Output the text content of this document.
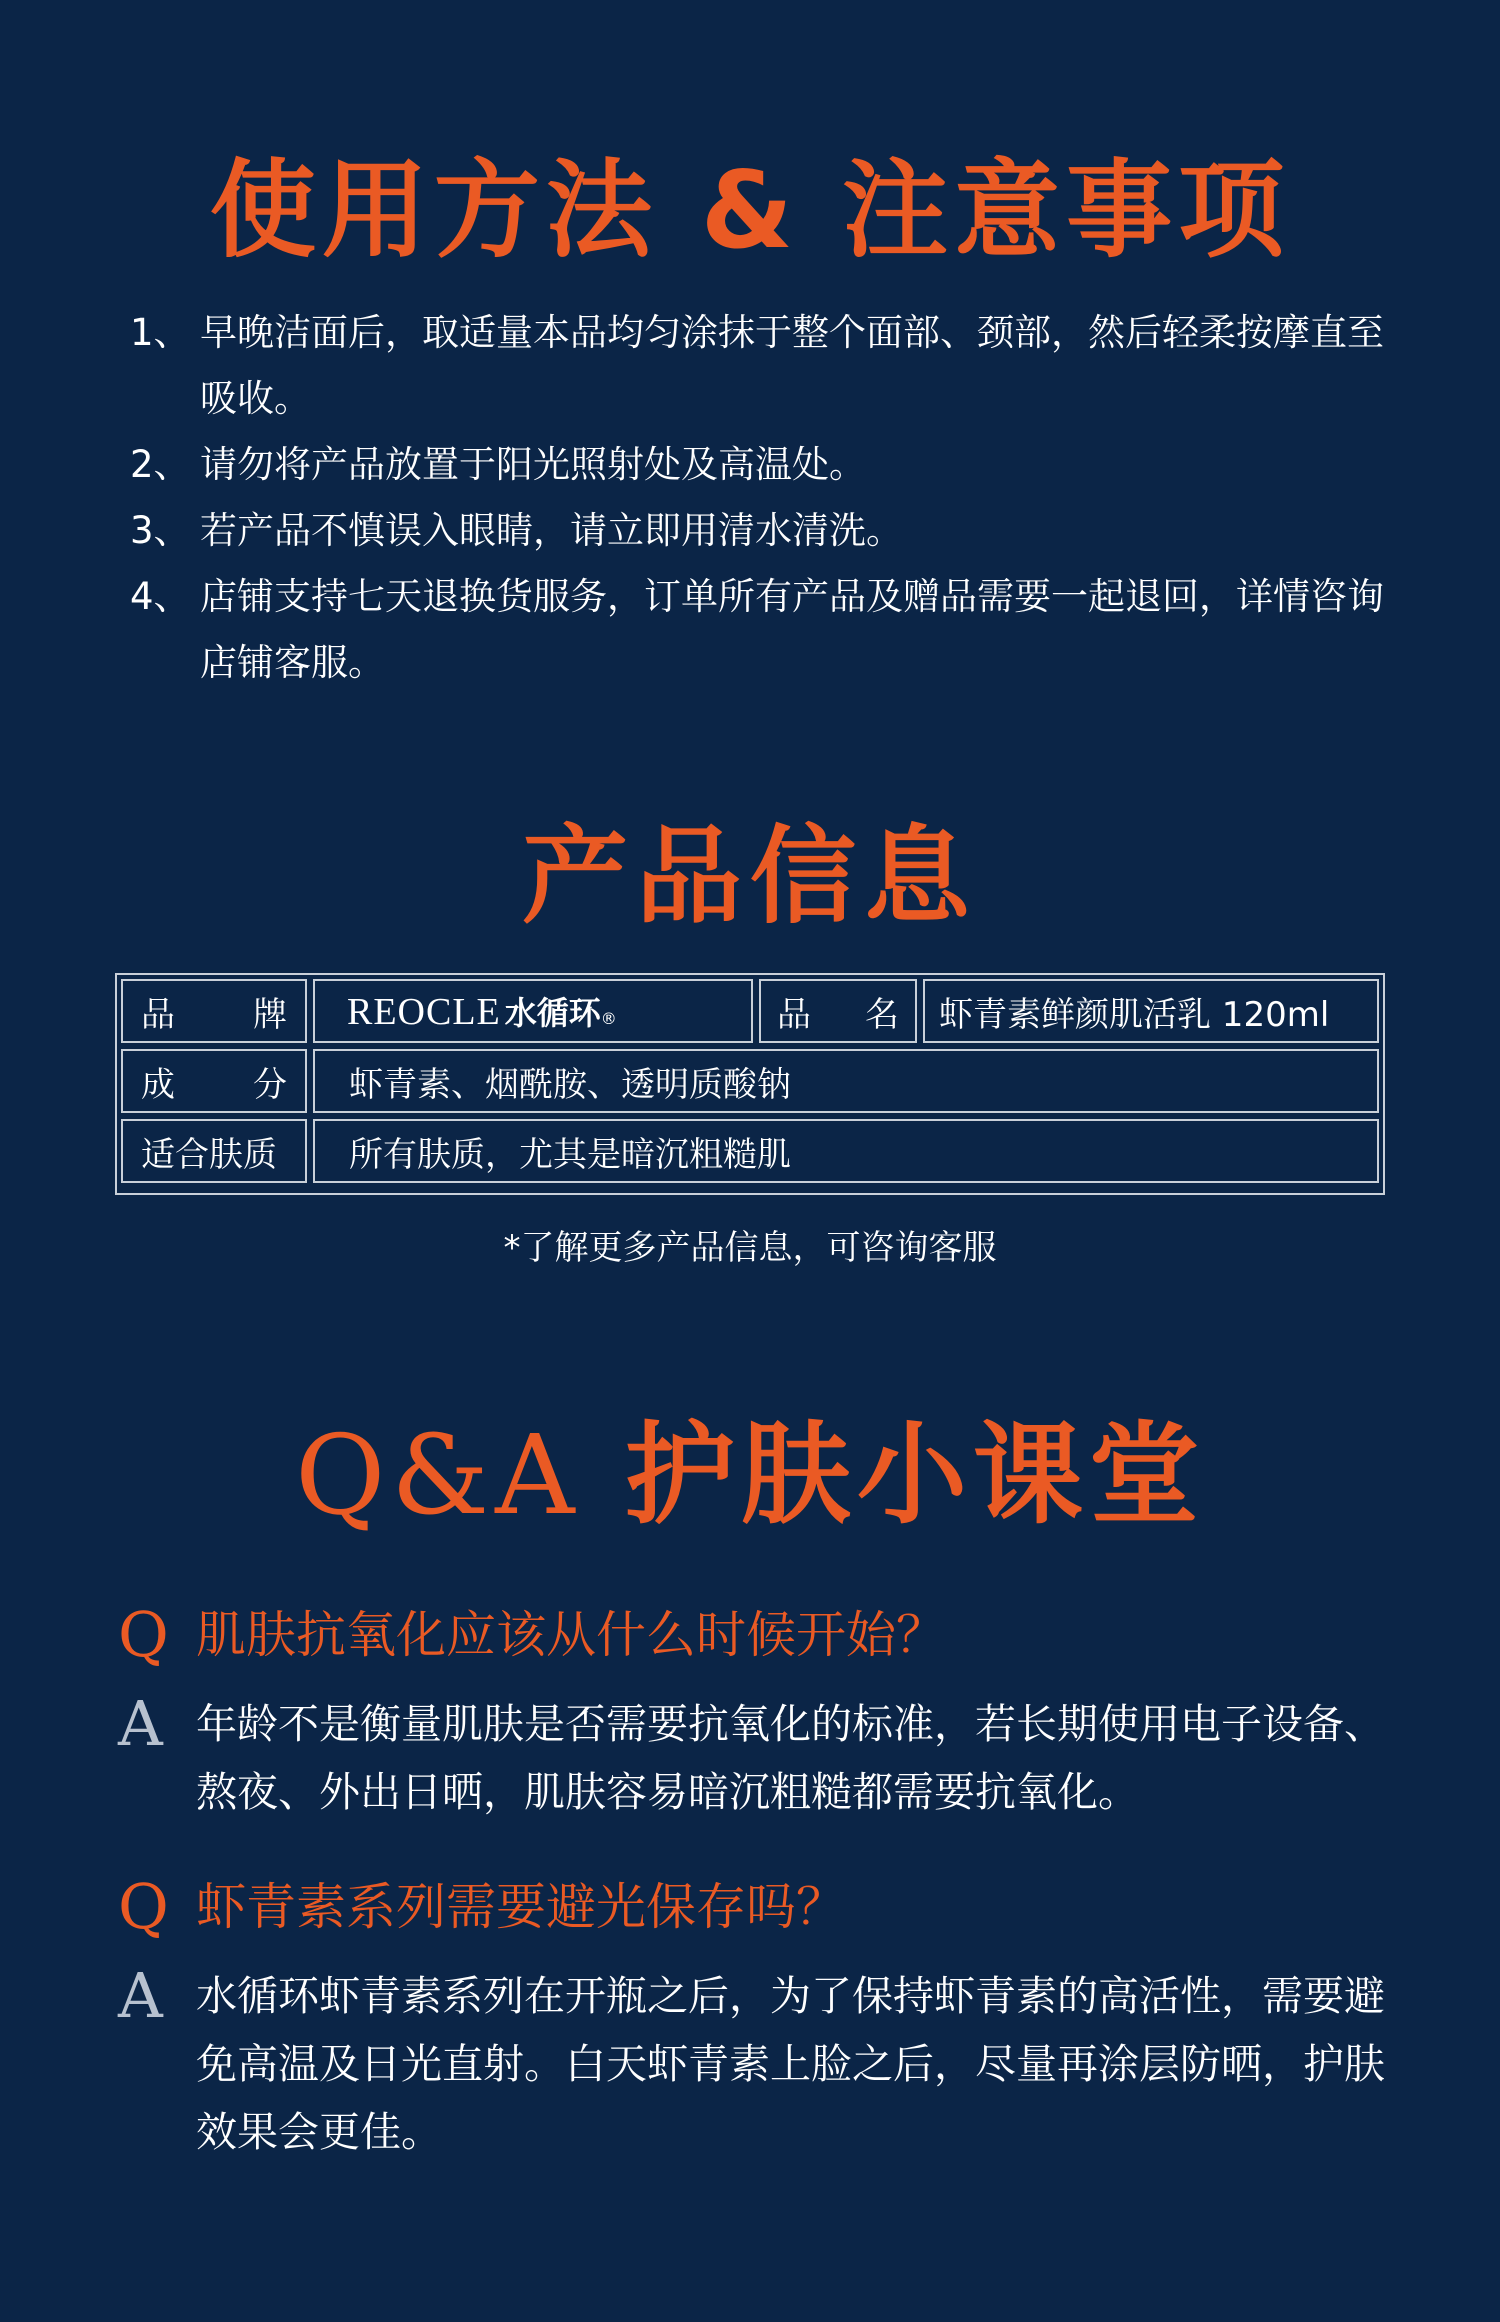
使用方法 & 注意事项
1、 早晚洁面后，取适量本品均匀涂抹于整个面部、颈部，然后轻柔按摩直至吸收。
2、 请勿将产品放置于阳光照射处及高温处。
3、 若产品不慎误入眼睛，请立即用清水清洗。
4、 店铺支持七天退换货服务，订单所有产品及赠品需要一起退回，详情咨询店铺客服。
产品信息
品 牌 REOCLE 水循环 ®	品 名	虾青素鲜颜肌活乳 120ml
成 分	虾青素、烟酰胺、透明质酸钠
适合肤质	所有肤质，尤其是暗沉粗糙肌
*了解更多产品信息，可咨询客服
Q&A 护肤小课堂
Q 肌肤抗氧化应该从什么时候开始？
A 年龄不是衡量肌肤是否需要抗氧化的标准，若长期使用电子设备、熬夜、外出日晒，肌肤容易暗沉粗糙都需要抗氧化。
Q 虾青素系列需要避光保存吗？
A 水循环虾青素系列在开瓶之后，为了保持虾青素的高活性，需要避免高温及日光直射。白天虾青素上脸之后，尽量再涂层防晒，护肤效果会更佳。
